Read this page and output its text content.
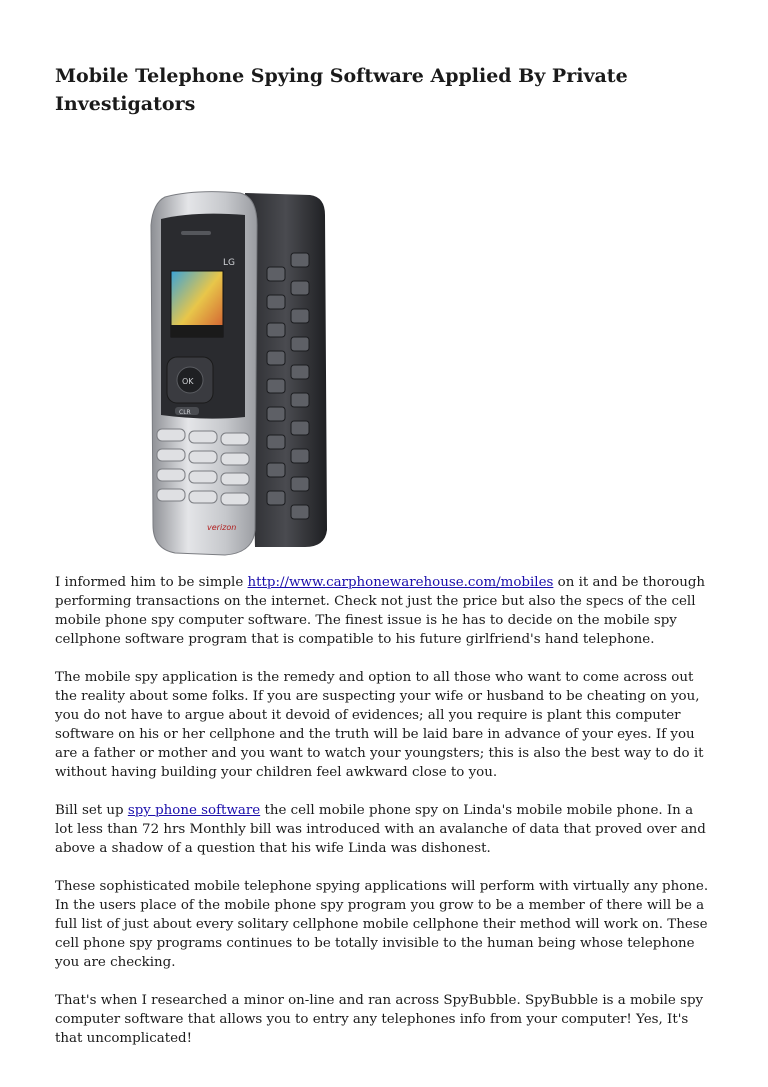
Mobile Telephone Spying Software Applied By Private Investigators
LG
OK
CLR
verizon

I informed him to be simple http://www.carphonewarehouse.com/mobiles on it and be thorough performing transactions on the internet. Check not just the price but also the specs of the cell mobile phone spy computer software. The finest issue is he has to decide on the mobile spy cellphone software program that is compatible to his future girlfriend's hand telephone.

The mobile spy application is the remedy and option to all those who want to come across out the reality about some folks. If you are suspecting your wife or husband to be cheating on you, you do not have to argue about it devoid of evidences; all you require is plant this computer software on his or her cellphone and the truth will be laid bare in advance of your eyes. If you are a father or mother and you want to watch your youngsters; this is also the best way to do it without having building your children feel awkward close to you.

Bill set up spy phone software the cell mobile phone spy on Linda's mobile mobile phone. In a lot less than 72 hrs Monthly bill was introduced with an avalanche of data that proved over and above a shadow of a question that his wife Linda was dishonest.

These sophisticated mobile telephone spying applications will perform with virtually any phone. In the users place of the mobile phone spy program you grow to be a member of there will be a full list of just about every solitary cellphone mobile cellphone their method will work on. These cell phone spy programs continues to be totally invisible to the human being whose telephone you are checking.

That's when I researched a minor on-line and ran across SpyBubble. SpyBubble is a mobile spy computer software that allows you to entry any telephones info from your computer! Yes, It's that uncomplicated!
